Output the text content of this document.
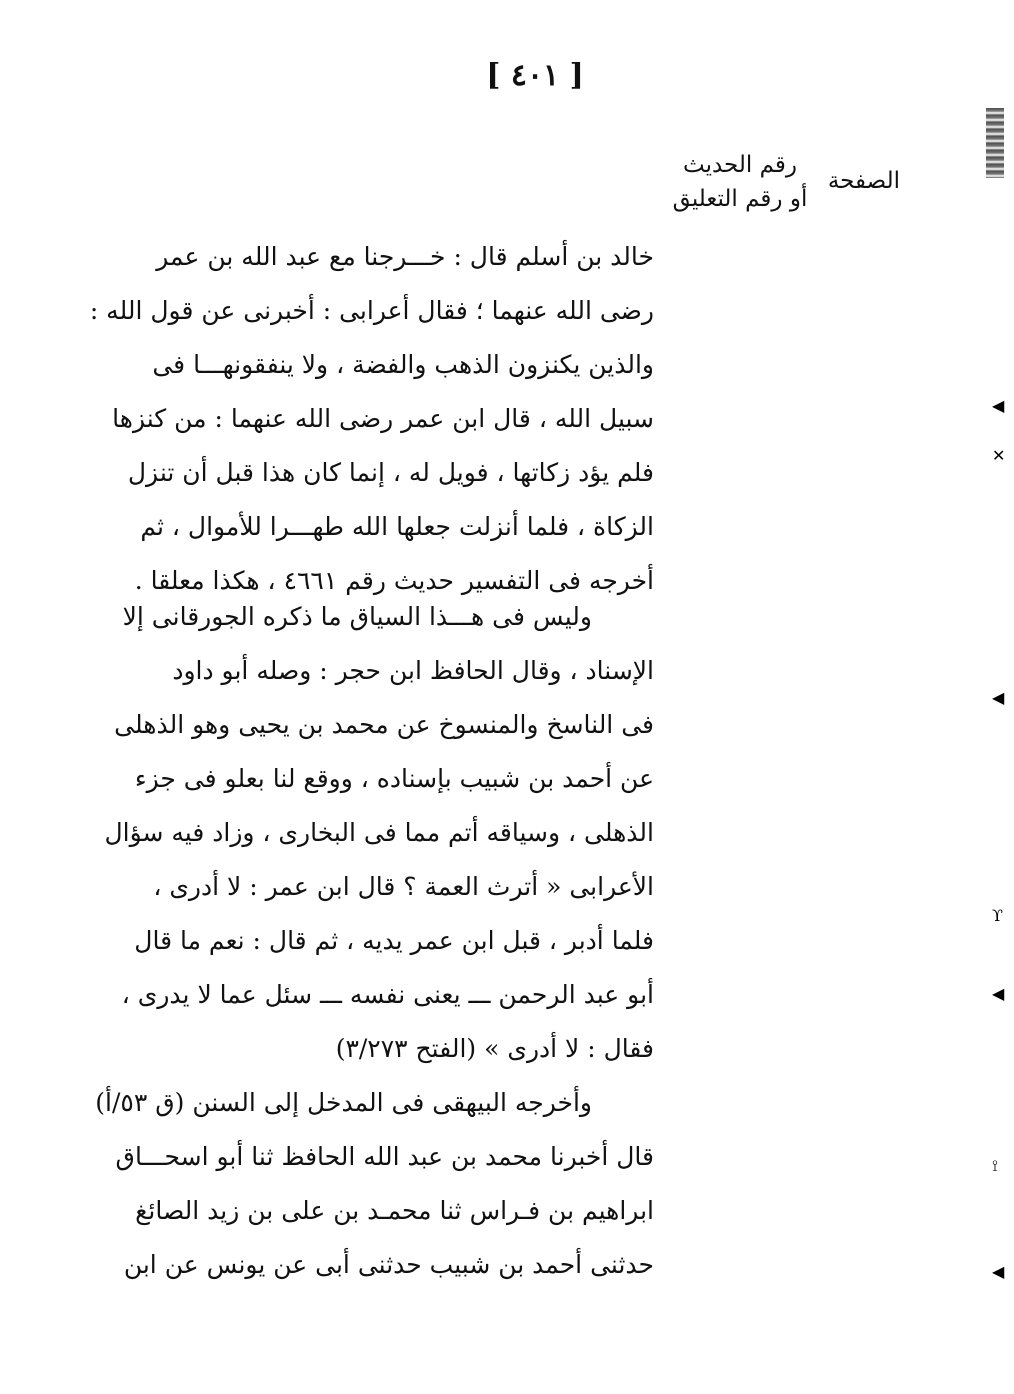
[ ٤٠١ ]
الصفحة
رقم الحديث
أو رقم التعليق
خالد بن أسلم قال : خـــرجنا مع عبد الله بن عمر
رضى الله عنهما ؛ فقال أعرابى : أخبرنى عن قول الله :
والذين يكنزون الذهب والفضة ، ولا ينفقونهـــا فى
سبيل الله ، قال ابن عمر رضى الله عنهما : من كنزها
فلم يؤد زكاتها ، فويل له ، إنما كان هذا قبل أن تنزل
الزكاة ، فلما أنزلت جعلها الله طهـــرا للأموال ، ثم
أخرجه فى التفسير حديث رقم ٤٦٦١ ، هكذا معلقا .
وليس فى هـــذا السياق ما ذكره الجورقانى إلا
الإسناد ، وقال الحافظ ابن حجر : وصله أبو داود
فى الناسخ والمنسوخ عن محمد بن يحيى وهو الذهلى
عن أحمد بن شبيب بإسناده ، ووقع لنا بعلو فى جزء
الذهلى ، وسياقه أتم مما فى البخارى ، وزاد فيه سؤال
الأعرابى « أترث العمة ؟ قال ابن عمر : لا أدرى ،
فلما أدبر ، قبل ابن عمر يديه ، ثم قال : نعم ما قال
أبو عبد الرحمن ـــ يعنى نفسه ـــ سئل عما لا يدرى ،
فقال : لا أدرى » (الفتح ٣/٢٧٣)
وأخرجه البيهقى فى المدخل إلى السنن (ق ٥٣/أ)
قال أخبرنا محمد بن عبد الله الحافظ ثنا أبو اسحـــاق
ابراهيم بن فـراس ثنا محمـد بن على بن زيد الصائغ
حدثنى أحمد بن شبيب حدثنى أبى عن يونس عن ابن
◀
✕
◀
ϒ
◀
⟟
◀
